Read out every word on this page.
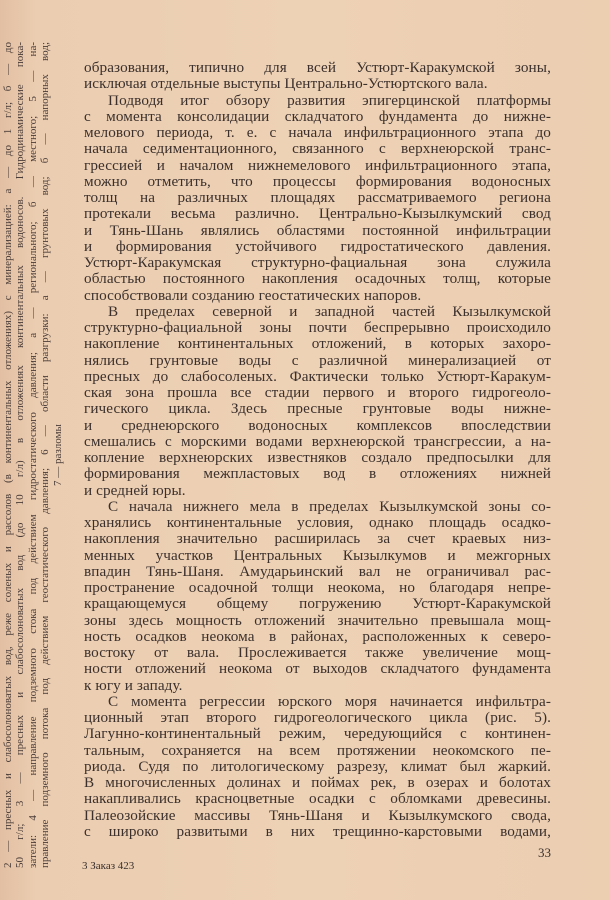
2 — пресных и слабосолоноватых вод, реже соленых и рассолов (в континентальных отложениях) с минерализацией: а — до 1 г/л; б — до 50 г/л; 3 — пресных и слабосолоноватых вод (до 10 г/л) в отложениях континентальных водоносов. Гидродинамические пока- затели: 4 — направление подземного стока под действием гидростатического давления; а — регионального; б — местного; 5 — на- правление подземного потока под действием геостатического давления; 6 — области разгрузки: а — грунтовых вод; б — напорных вод; 7 — разломы
образования, типично для всей Устюрт-Каракумской зоны,
исключая отдельные выступы Центрально-Устюртского вала.
Подводя итог обзору развития эпигерцинской платформы
с момента консолидации складчатого фундамента до нижне-
мелового периода, т. е. с начала инфильтрационного этапа до
начала седиментационного, связанного с верхнеюрской транс-
грессией и началом нижнемелового инфильтрационного этапа,
можно отметить, что процессы формирования водоносных
толщ на различных площадях рассматриваемого региона
протекали весьма различно. Центрально-Кызылкумский свод
и Тянь-Шань являлись областями постоянной инфильтрации
и формирования устойчивого гидростатического давления.
Устюрт-Каракумская структурно-фациальная зона служила
областью постоянного накопления осадочных толщ, которые
способствовали созданию геостатических напоров.
В пределах северной и западной частей Кызылкумской
структурно-фациальной зоны почти беспрерывно происходило
накопление континентальных отложений, в которых захоро-
нялись грунтовые воды с различной минерализацией от
пресных до слабосоленых. Фактически только Устюрт-Каракум-
ская зона прошла все стадии первого и второго гидрогеоло-
гического цикла. Здесь пресные грунтовые воды нижне-
и среднеюрского водоносных комплексов впоследствии
смешались с морскими водами верхнеюрской трансгрессии, а на-
копление верхнеюрских известняков создало предпосылки для
формирования межпластовых вод в отложениях нижней
и средней юры.
С начала нижнего мела в пределах Кызылкумской зоны со-
хранялись континентальные условия, однако площадь осадко-
накопления значительно расширилась за счет краевых низ-
менных участков Центральных Кызылкумов и межгорных
впадин Тянь-Шаня. Амударьинский вал не ограничивал рас-
пространение осадочной толщи неокома, но благодаря непре-
кращающемуся общему погружению Устюрт-Каракумской
зоны здесь мощность отложений значительно превышала мощ-
ность осадков неокома в районах, расположенных к северо-
востоку от вала. Прослеживается также увеличение мощ-
ности отложений неокома от выходов складчатого фундамента
к югу и западу.
С момента регрессии юрского моря начинается инфильтра-
ционный этап второго гидрогеологического цикла (рис. 5).
Лагунно-континентальный режим, чередующийся с континен-
тальным, сохраняется на всем протяжении неокомского пе-
риода. Судя по литологическому разрезу, климат был жаркий.
В многочисленных долинах и поймах рек, в озерах и болотах
накапливались красноцветные осадки с обломками древесины.
Палеозойские массивы Тянь-Шаня и Кызылкумского свода,
с широко развитыми в них трещинно-карстовыми водами,
3 Заказ 423
33
